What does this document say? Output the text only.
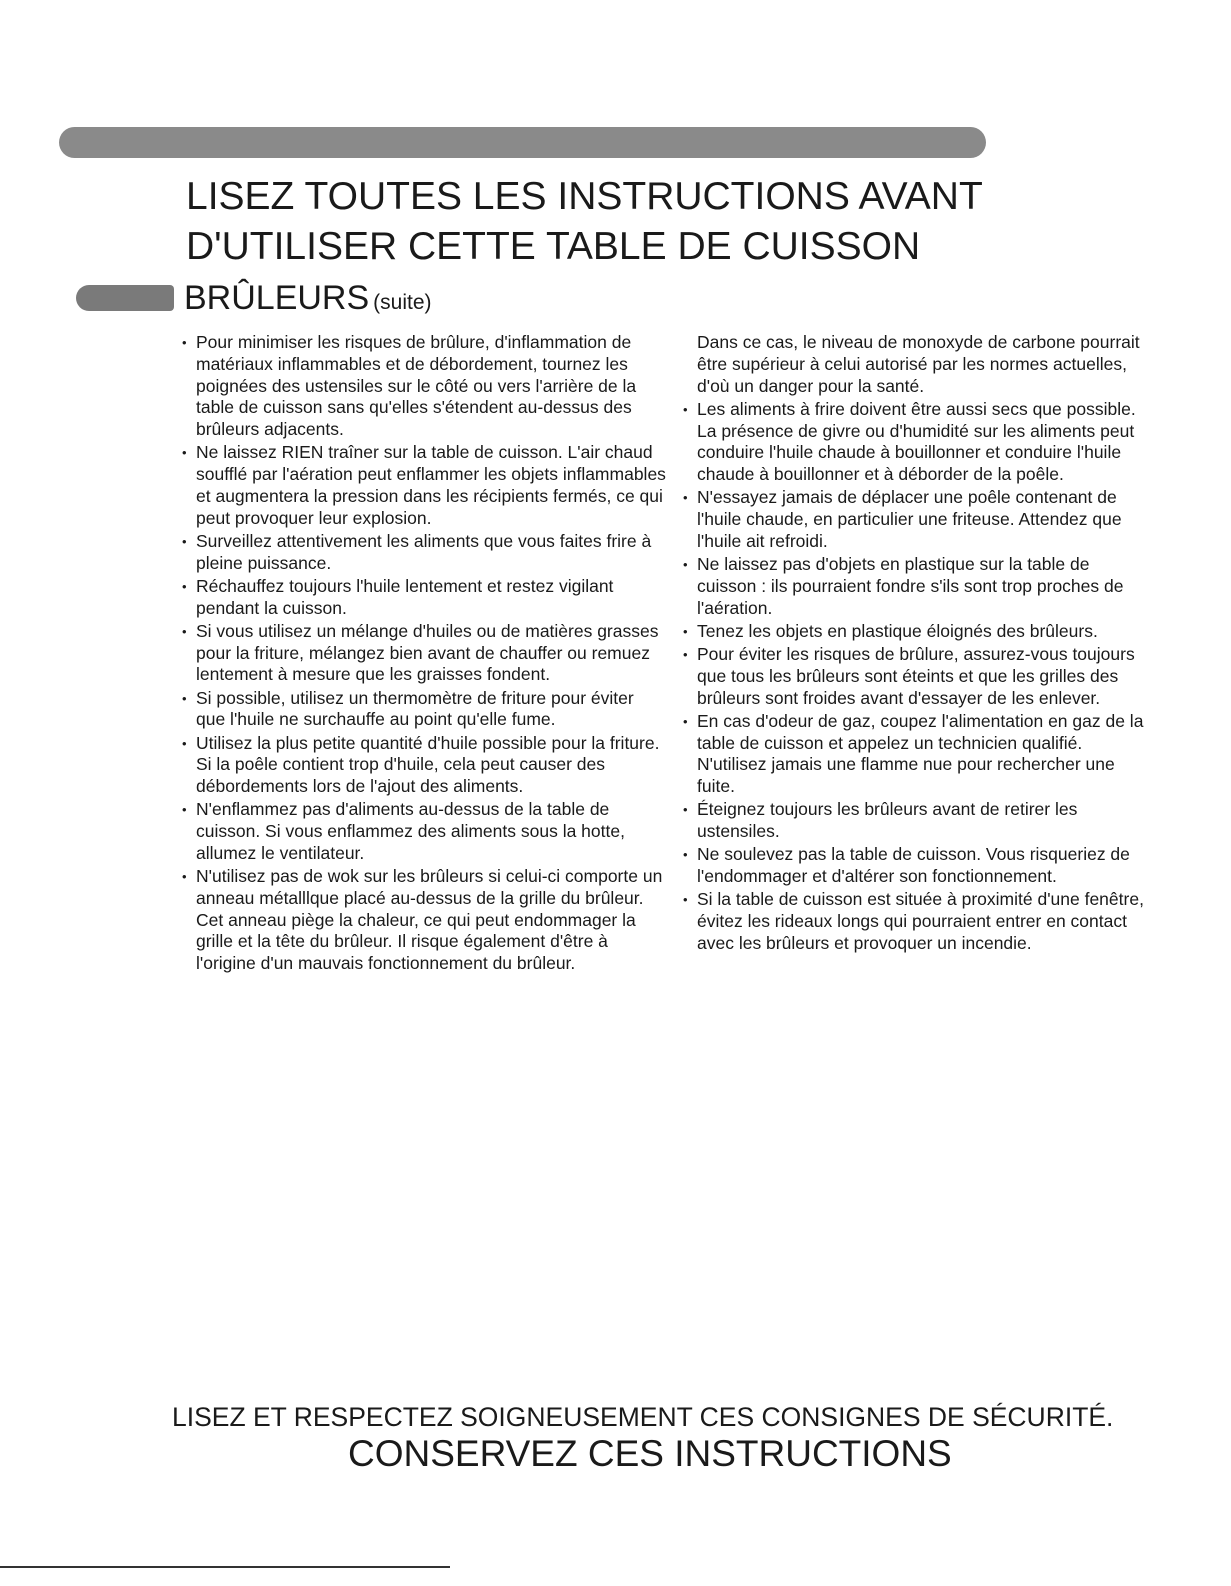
LISEZ TOUTES LES INSTRUCTIONS AVANT
D'UTILISER CETTE TABLE DE CUISSON
BRÛLEURS (suite)
• Pour minimiser les risques de brûlure, d'inflammation de matériaux inflammables et de débordement, tournez les poignées des ustensiles sur le côté ou vers l'arrière de la table de cuisson sans qu'elles s'étendent au-dessus des brûleurs adjacents.
• Ne laissez RIEN traîner sur la table de cuisson. L'air chaud soufflé par l'aération peut enflammer les objets inflammables et augmentera la pression dans les récipients fermés, ce qui peut provoquer leur explosion.
• Surveillez attentivement les aliments que vous faites frire à pleine puissance.
• Réchauffez toujours l'huile lentement et restez vigilant pendant la cuisson.
• Si vous utilisez un mélange d'huiles ou de matières grasses pour la friture, mélangez bien avant de chauffer ou remuez lentement à mesure que les graisses fondent.
• Si possible, utilisez un thermomètre de friture pour éviter que l'huile ne surchauffe au point qu'elle fume.
• Utilisez la plus petite quantité d'huile possible pour la friture. Si la poêle contient trop d'huile, cela peut causer des débordements lors de l'ajout des aliments.
• N'enflammez pas d'aliments au-dessus de la table de cuisson. Si vous enflammez des aliments sous la hotte, allumez le ventilateur.
• N'utilisez pas de wok sur les brûleurs si celui-ci comporte un anneau métalllque placé au-dessus de la grille du brûleur. Cet anneau piège la chaleur, ce qui peut endommager la grille et la tête du brûleur. Il risque également d'être à l'origine d'un mauvais fonctionnement du brûleur.
Dans ce cas, le niveau de monoxyde de carbone pourrait être supérieur à celui autorisé par les normes actuelles, d'où un danger pour la santé.
• Les aliments à frire doivent être aussi secs que possible. La présence de givre ou d'humidité sur les aliments peut conduire l'huile chaude à bouillonner et conduire l'huile chaude à bouillonner et à déborder de la poêle.
• N'essayez jamais de déplacer une poêle contenant de l'huile chaude, en particulier une friteuse. Attendez que l'huile ait refroidi.
• Ne laissez pas d'objets en plastique sur la table de cuisson : ils pourraient fondre s'ils sont trop proches de l'aération.
• Tenez les objets en plastique éloignés des brûleurs.
• Pour éviter les risques de brûlure, assurez-vous toujours que tous les brûleurs sont éteints et que les grilles des brûleurs sont froides avant d'essayer de les enlever.
• En cas d'odeur de gaz, coupez l'alimentation en gaz de la table de cuisson et appelez un technicien qualifié. N'utilisez jamais une flamme nue pour rechercher une fuite.
• Éteignez toujours les brûleurs avant de retirer les ustensiles.
• Ne soulevez pas la table de cuisson. Vous risqueriez de l'endommager et d'altérer son fonctionnement.
• Si la table de cuisson est située à proximité d'une fenêtre, évitez les rideaux longs qui pourraient entrer en contact avec les brûleurs et provoquer un incendie.

LISEZ ET RESPECTEZ SOIGNEUSEMENT CES CONSIGNES DE SÉCURITÉ.

CONSERVEZ CES INSTRUCTIONS
